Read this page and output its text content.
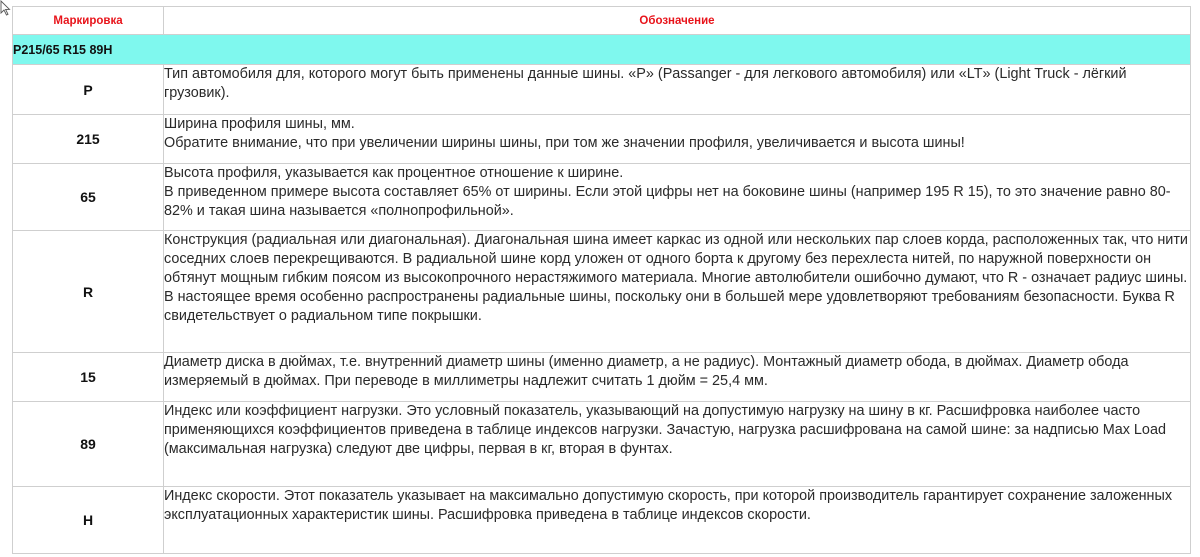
Маркировка	Обозначение
P215/65 R15 89H	
P	Тип автомобиля для, которого могут быть применены данные шины. «P» (Passanger - для легкового автомобиля) или «LT» (Light Truck - лёгкий грузовик).

215	Ширина профиля шины, мм.
Обратите внимание, что при увеличении ширины шины, при том же значении профиля, увеличивается и высота шины!

65	Высота профиля, указывается как процентное отношение к ширине.
В приведенном примере высота составляет 65% от ширины. Если этой цифры нет на боковине шины (например 195 R 15), то это значение равно 80-82% и такая шина называется «полнопрофильной».

R	Конструкция (радиальная или диагональная). Диагональная шина имеет каркас из одной или нескольких пар слоев корда, расположенных так, что нити соседних слоев перекрещиваются. В радиальной шине корд уложен от одного борта к другому без перехлеста нитей, по наружной поверхности он обтянут мощным гибким поясом из высокопрочного нерастяжимого материала. Многие автолюбители ошибочно думают, что R - означает радиус шины.
В настоящее время особенно распространены радиальные шины, поскольку они в большей мере удовлетворяют требованиям безопасности. Буква R свидетельствует о радиальном типе покрышки.

15	Диаметр диска в дюймах, т.е. внутренний диаметр шины (именно диаметр, а не радиус). Монтажный диаметр обода, в дюймах. Диаметр обода измеряемый в дюймах. При переводе в миллиметры надлежит считать 1 дюйм = 25,4 мм.

89	Индекс или коэффициент нагрузки. Это условный показатель, указывающий на допустимую нагрузку на шину в кг. Расшифровка наиболее часто применяющихся коэффициентов приведена в таблице индексов нагрузки. Зачастую, нагрузка расшифрована на самой шине: за надписью Max Load (максимальная нагрузка) следуют две цифры, первая в кг, вторая в фунтах.

H	Индекс скорости. Этот показатель указывает на максимально допустимую скорость, при которой производитель гарантирует сохранение заложенных эксплуатационных характеристик шины. Расшифровка приведена в таблице индексов скорости.
